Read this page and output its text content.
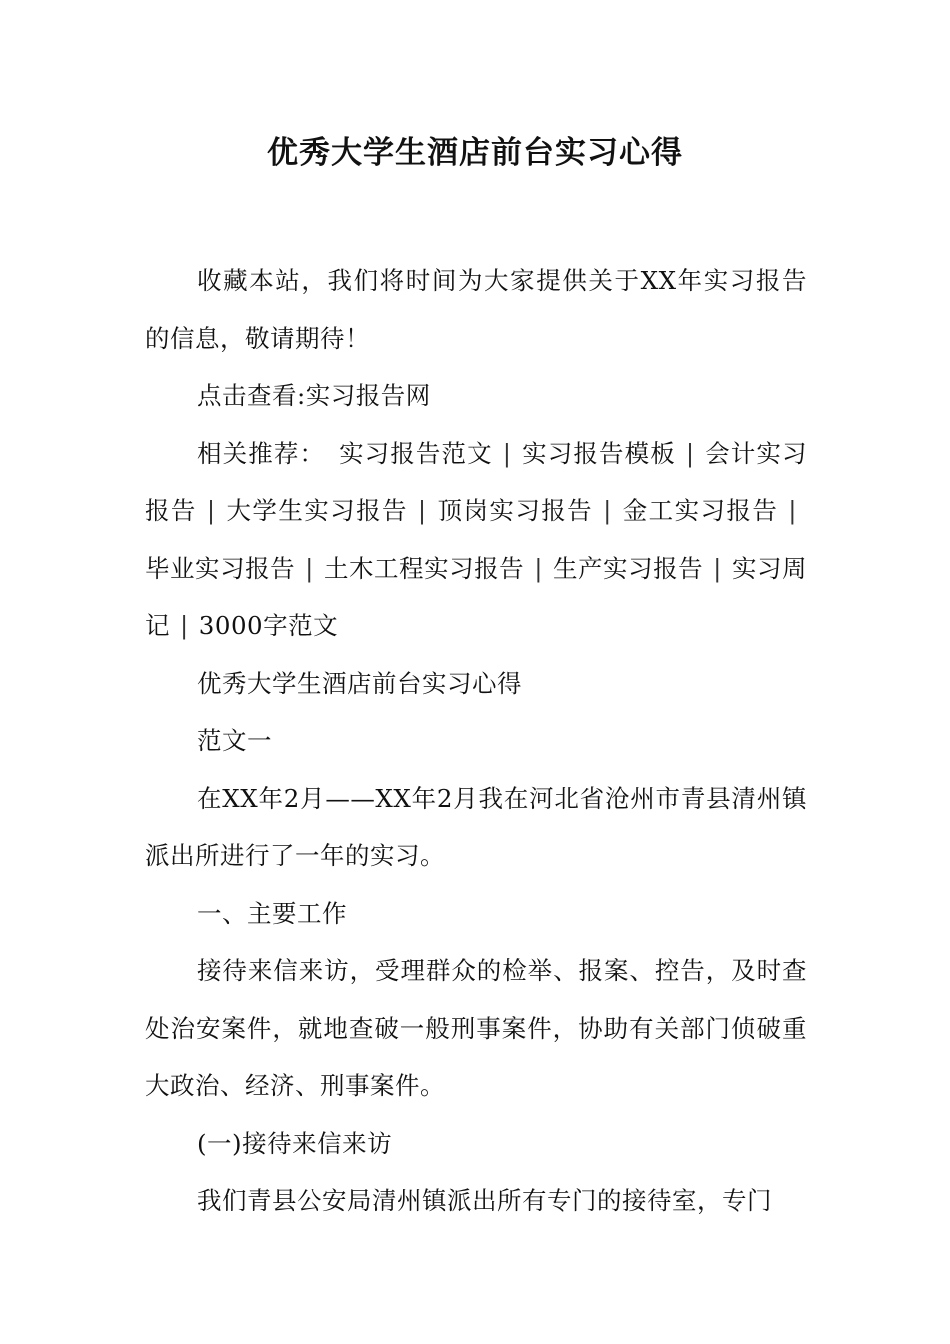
优秀大学生酒店前台实习心得

收藏本站，我们将时间为大家提供关于XX年实习报告的信息，敬请期待！

点击查看:实习报告网

相关推荐： 实习报告范文 | 实习报告模板 | 会计实习报告 | 大学生实习报告 | 顶岗实习报告 | 金工实习报告 |毕业实习报告 | 土木工程实习报告 | 生产实习报告 | 实习周记 | 3000字范文

优秀大学生酒店前台实习心得

范文一

在XX年2月——XX年2月我在河北省沧州市青县清州镇派出所进行了一年的实习。

一、主要工作

接待来信来访，受理群众的检举、报案、控告，及时查处治安案件，就地查破一般刑事案件，协助有关部门侦破重大政治、经济、刑事案件。

(一)接待来信来访

我们青县公安局清州镇派出所有专门的接待室，专门
